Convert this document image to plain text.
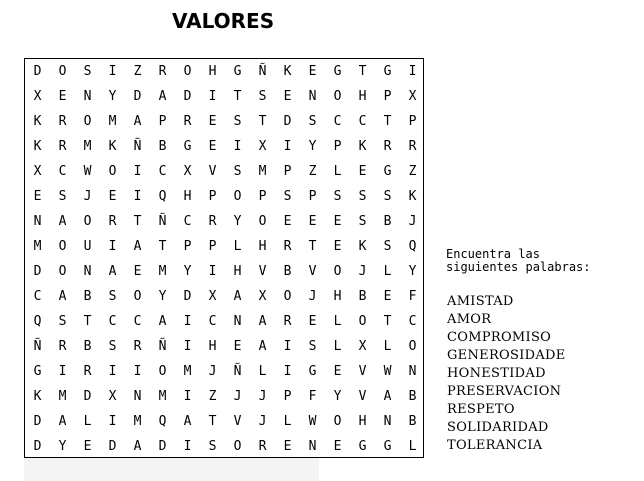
VALORES
D	O	S	I	Z	R	O	H	G	Ñ	K	E	G	T	G	I
X	E	N	Y	D	A	D	I	T	S	E	N	O	H	P	X
K	R	O	M	A	P	R	E	S	T	D	S	C	C	T	P
K	R	M	K	Ñ	B	G	E	I	X	I	Y	P	K	R	R
X	C	W	O	I	C	X	V	S	M	P	Z	L	E	G	Z
E	S	J	E	I	Q	H	P	O	P	S	P	S	S	S	K
N	A	O	R	T	Ñ	C	R	Y	O	E	E	E	S	B	J
M	O	U	I	A	T	P	P	L	H	R	T	E	K	S	Q
D	O	N	A	E	M	Y	I	H	V	B	V	O	J	L	Y
C	A	B	S	O	Y	D	X	A	X	O	J	H	B	E	F
Q	S	T	C	C	A	I	C	N	A	R	E	L	O	T	C
Ñ	R	B	S	R	Ñ	I	H	E	A	I	S	L	X	L	O
G	I	R	I	I	O	M	J	Ñ	L	I	G	E	V	W	N
K	M	D	X	N	M	I	Z	J	J	P	F	Y	V	A	B
D	A	L	I	M	Q	A	T	V	J	L	W	O	H	N	B
D	Y	E	D	A	D	I	S	O	R	E	N	E	G	G	L
Encuentra las
siguientes palabras:
AMISTAD
AMOR
COMPROMISO
GENEROSIDADE
HONESTIDAD
PRESERVACION
RESPETO
SOLIDARIDAD
TOLERANCIA
